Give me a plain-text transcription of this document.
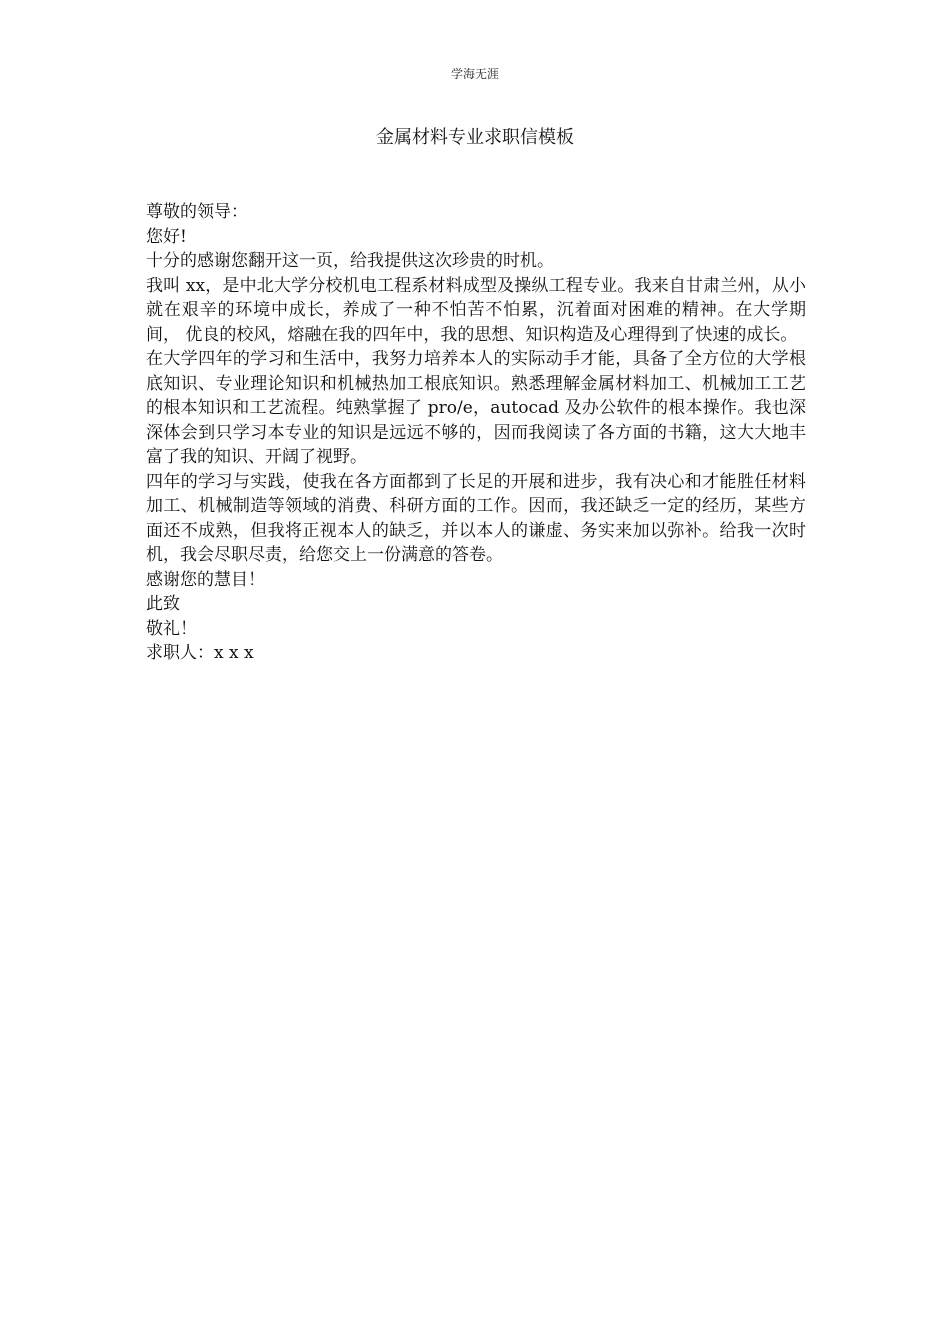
学海无涯
金属材料专业求职信模板

尊敬的领导：

您好!

十分的感谢您翻开这一页，给我提供这次珍贵的时机。

我叫 xx，是中北大学分校机电工程系材料成型及操纵工程专业。我来自甘肃兰州，从小就在艰辛的环境中成长，养成了一种不怕苦不怕累，沉着面对困难的精神。在大学期间， 优良的校风，熔融在我的四年中，我的思想、知识构造及心理得到了快速的成长。

在大学四年的学习和生活中，我努力培养本人的实际动手才能，具备了全方位的大学根底知识、专业理论知识和机械热加工根底知识。熟悉理解金属材料加工、机械加工工艺的根本知识和工艺流程。纯熟掌握了 pro/e，autocad 及办公软件的根本操作。我也深深体会到只学习本专业的知识是远远不够的，因而我阅读了各方面的书籍，这大大地丰富了我的知识、开阔了视野。

四年的学习与实践，使我在各方面都到了长足的开展和进步，我有决心和才能胜任材料加工、机械制造等领域的消费、科研方面的工作。因而，我还缺乏一定的经历，某些方面还不成熟，但我将正视本人的缺乏，并以本人的谦虚、务实来加以弥补。给我一次时机，我会尽职尽责，给您交上一份满意的答卷。

感谢您的慧目！

此致

敬礼！

求职人：x x x
